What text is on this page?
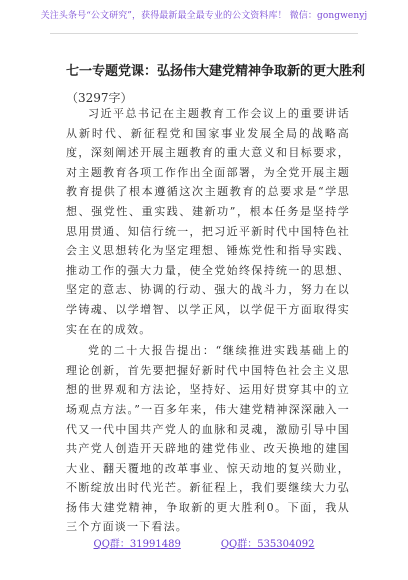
关注头条号“公文研究”，获得最新最全最专业的公文资料库！ 微信：gongwenyj
七一专题党课：弘扬伟大建党精神争取新的更大胜利
（3297字）

习近平总书记在主题教育工作会议上的重要讲话从新时代、新征程党和国家事业发展全局的战略高度，深刻阐述开展主题教育的重大意义和目标要求，对主题教育各项工作作出全面部署，为全党开展主题教育提供了根本遵循这次主题教育的总要求是“学思想、强党性、重实践、建新功”，根本任务是坚持学思用贯通、知信行统一，把习近平新时代中国特色社会主义思想转化为坚定理想、锤炼党性和指导实践、推动工作的强大力量，使全党始终保持统一的思想、坚定的意志、协调的行动、强大的战斗力，努力在以学铸魂、以学增智、以学正风，以学促干方面取得实实在在的成效。

党的二十大报告提出：“继续推进实践基础上的理论创新，首先要把握好新时代中国特色社会主义思想的世界观和方法论，坚持好、运用好贯穿其中的立场观点方法。”一百多年来，伟大建党精神深深融入一代又一代中国共产党人的血脉和灵魂，激励引导中国共产党人创造开天辟地的建党伟业、改天换地的建国大业、翻天覆地的改革事业、惊天动地的复兴勋业，不断绽放出时代光芒。新征程上，我们要继续大力弘扬伟大建党精神，争取新的更大胜利0。下面，我从三个方面谈一下看法。

QQ群：31991489	QQ群：535304092
